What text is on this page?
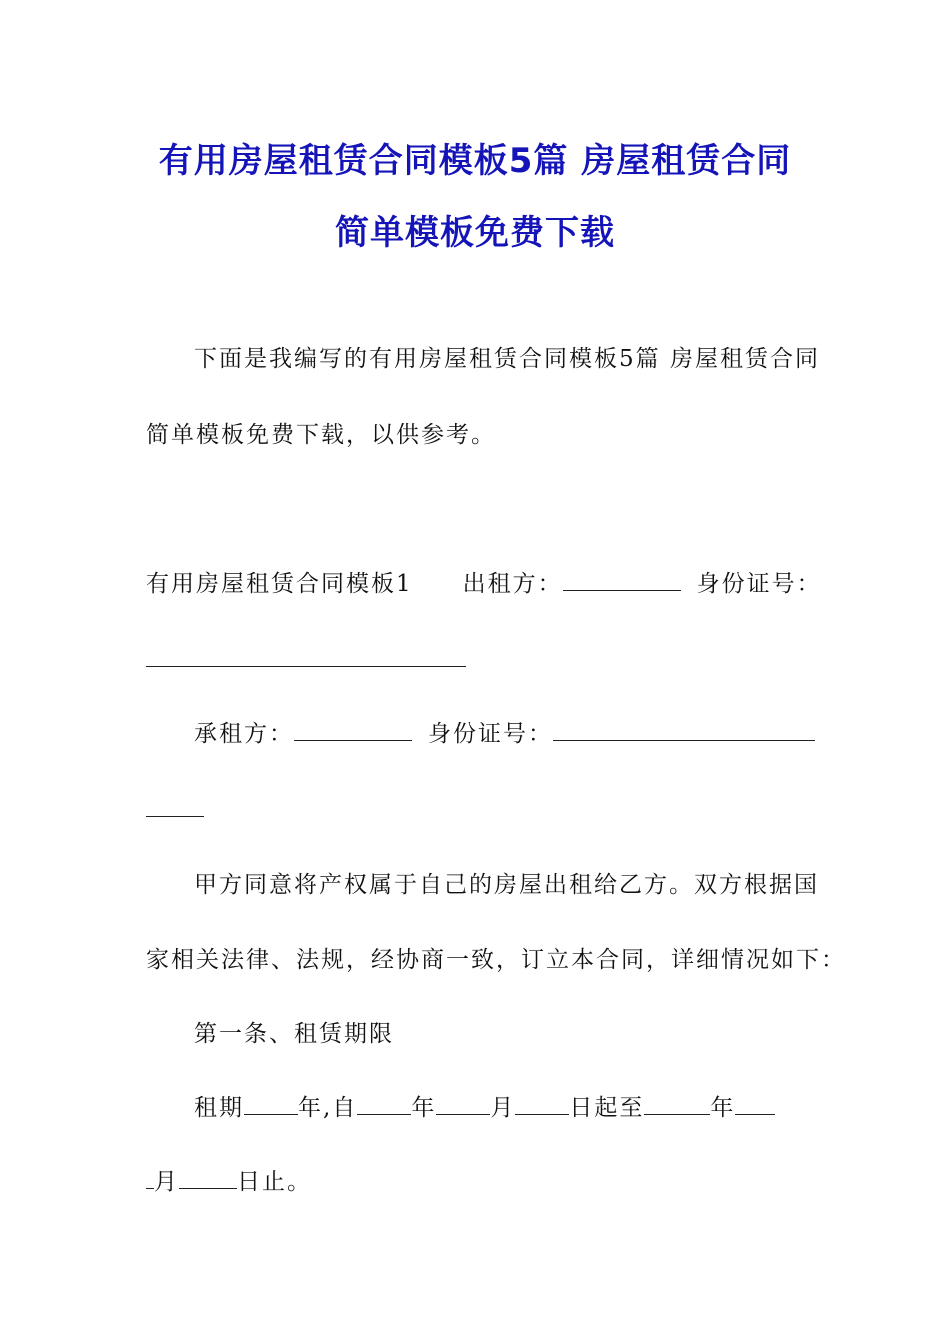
有用房屋租赁合同模板5篇 房屋租赁合同
简单模板免费下载
下面是我编写的有用房屋租赁合同模板5篇 房屋租赁合同
简单模板免费下载，以供参考。
有用房屋租赁合同模板1 出租方：	身份证号：
承租方：	身份证号：
甲方同意将产权属于自己的房屋出租给乙方。双方根据国
家相关法律、法规，经协商一致，订立本合同，详细情况如下：
第一条、租赁期限
租期 年,自 年 月 日起至	年
月	日止。
